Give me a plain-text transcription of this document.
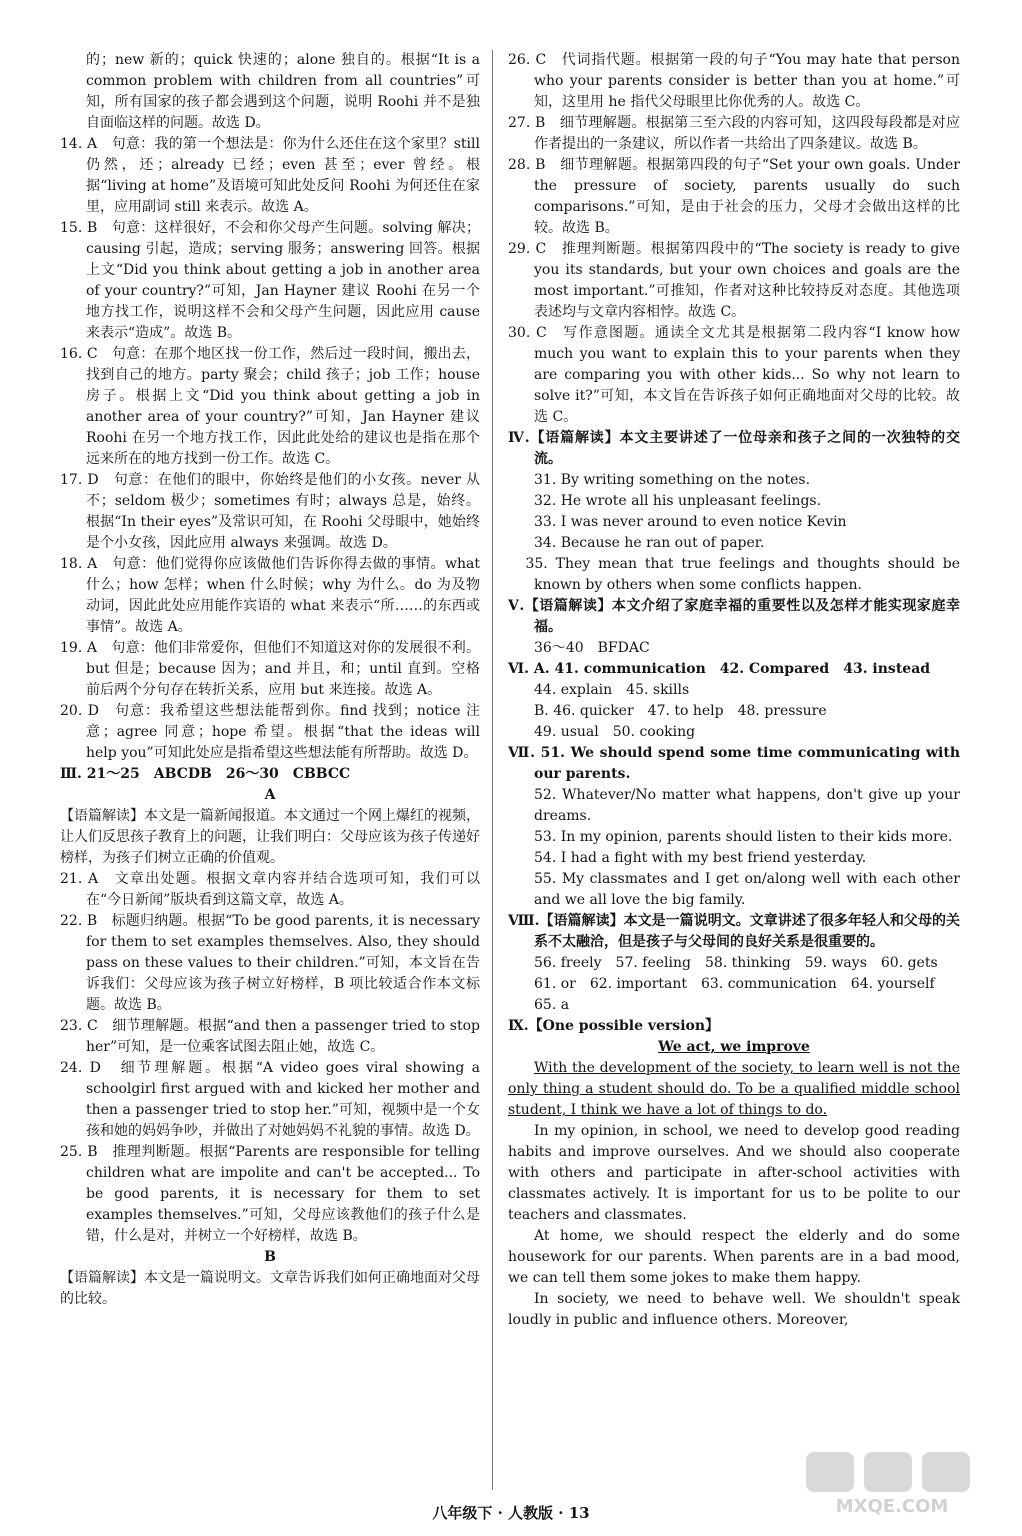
的；new 新的；quick 快速的；alone 独自的。根据“It is a common problem with children from all countries”可知，所有国家的孩子都会遇到这个问题，说明 Roohi 并不是独自面临这样的问题。故选 D。

14. A　句意：我的第一个想法是：你为什么还住在这个家里？still 仍然，还；already 已经；even 甚至；ever 曾经。根据“living at home”及语境可知此处反问 Roohi 为何还住在家里，应用副词 still 来表示。故选 A。

15. B　句意：这样很好，不会和你父母产生问题。solving 解决；causing 引起，造成；serving 服务；answering 回答。根据上文“Did you think about getting a job in another area of your country?”可知，Jan Hayner 建议 Roohi 在另一个地方找工作，说明这样不会和父母产生问题，因此应用 cause 来表示“造成”。故选 B。

16. C　句意：在那个地区找一份工作，然后过一段时间，搬出去，找到自己的地方。party 聚会；child 孩子；job 工作；house 房子。根据上文“Did you think about getting a job in another area of your country?”可知，Jan Hayner 建议 Roohi 在另一个地方找工作，因此此处给的建议也是指在那个远来所在的地方找到一份工作。故选 C。

17. D　句意：在他们的眼中，你始终是他们的小女孩。never 从不；seldom 极少；sometimes 有时；always 总是，始终。根据“In their eyes”及常识可知，在 Roohi 父母眼中，她始终是个小女孩，因此应用 always 来强调。故选 D。

18. A　句意：他们觉得你应该做他们告诉你得去做的事情。what 什么；how 怎样；when 什么时候；why 为什么。do 为及物动词，因此此处应用能作宾语的 what 来表示“所……的东西或事情”。故选 A。

19. A　句意：他们非常爱你，但他们不知道这对你的发展很不利。but 但是；because 因为；and 并且，和；until 直到。空格前后两个分句存在转折关系，应用 but 来连接。故选 A。

20. D　句意：我希望这些想法能帮到你。find 找到；notice 注意；agree 同意；hope 希望。根据“that the ideas will help you”可知此处应是指希望这些想法能有所帮助。故选 D。

Ⅲ. 21～25　ABCDB　26～30　CBBCC

A

【语篇解读】本文是一篇新闻报道。本文通过一个网上爆红的视频，让人们反思孩子教育上的问题，让我们明白：父母应该为孩子传递好榜样，为孩子们树立正确的价值观。

21. A　文章出处题。根据文章内容并结合选项可知，我们可以在“今日新闻”版块看到这篇文章，故选 A。

22. B　标题归纳题。根据“To be good parents, it is necessary for them to set examples themselves. Also, they should pass on these values to their children.”可知，本文旨在告诉我们：父母应该为孩子树立好榜样，B 项比较适合作本文标题。故选 B。

23. C　细节理解题。根据“and then a passenger tried to stop her”可知，是一位乘客试图去阻止她，故选 C。

24. D　细节理解题。根据“A video goes viral showing a schoolgirl first argued with and kicked her mother and then a passenger tried to stop her.”可知，视频中是一个女孩和她的妈妈争吵，并做出了对她妈妈不礼貌的事情。故选 D。

25. B　推理判断题。根据“Parents are responsible for telling children what are impolite and can't be accepted... To be good parents, it is necessary for them to set examples themselves.”可知，父母应该教他们的孩子什么是错，什么是对，并树立一个好榜样，故选 B。

B

【语篇解读】本文是一篇说明文。文章告诉我们如何正确地面对父母的比较。

26. C　代词指代题。根据第一段的句子“You may hate that person who your parents consider is better than you at home.”可知，这里用 he 指代父母眼里比你优秀的人。故选 C。

27. B　细节理解题。根据第三至六段的内容可知，这四段每段都是对应作者提出的一条建议，所以作者一共给出了四条建议。故选 B。

28. B　细节理解题。根据第四段的句子“Set your own goals. Under the pressure of society, parents usually do such comparisons.”可知，是由于社会的压力，父母才会做出这样的比较。故选 B。

29. C　推理判断题。根据第四段中的“The society is ready to give you its standards, but your own choices and goals are the most important.”可推知，作者对这种比较持反对态度。其他选项表述均与文章内容相悖。故选 C。

30. C　写作意图题。通读全文尤其是根据第二段内容“I know how much you want to explain this to your parents when they are comparing you with other kids... So why not learn to solve it?”可知，本文旨在告诉孩子如何正确地面对父母的比较。故选 C。

Ⅳ.【语篇解读】本文主要讲述了一位母亲和孩子之间的一次独特的交流。

31. By writing something on the notes.

32. He wrote all his unpleasant feelings.

33. I was never around to even notice Kevin

34. Because he ran out of paper.

　35. They mean that true feelings and thoughts should be known by others when some conflicts happen.

Ⅴ.【语篇解读】本文介绍了家庭幸福的重要性以及怎样才能实现家庭幸福。

36～40　BFDAC

Ⅵ. A. 41. communication　42. Compared　43. instead

44. explain　45. skills

B. 46. quicker　47. to help　48. pressure

49. usual　50. cooking

Ⅶ. 51. We should spend some time communicating with our parents.

52. Whatever/No matter what happens, don't give up your dreams.

53. In my opinion, parents should listen to their kids more.

54. I had a fight with my best friend yesterday.

55. My classmates and I get on/along well with each other and we all love the big family.

Ⅷ.【语篇解读】本文是一篇说明文。文章讲述了很多年轻人和父母的关系不太融洽，但是孩子与父母间的良好关系是很重要的。

56. freely　57. feeling　58. thinking　59. ways　60. gets

61. or　62. important　63. communication　64. yourself

65. a

Ⅸ.【One possible version】

We act, we improve

With the development of the society, to learn well is not the only thing a student should do. To be a qualified middle school student, I think we have a lot of things to do.

In my opinion, in school, we need to develop good reading habits and improve ourselves. And we should also cooperate with others and participate in after-school activities with classmates actively. It is important for us to be polite to our teachers and classmates.

At home, we should respect the elderly and do some housework for our parents. When parents are in a bad mood, we can tell them some jokes to make them happy.

In society, we need to behave well. We shouldn't speak loudly in public and influence others. Moreover,

八年级下 · 人教版 · 13	MXQE.COM
